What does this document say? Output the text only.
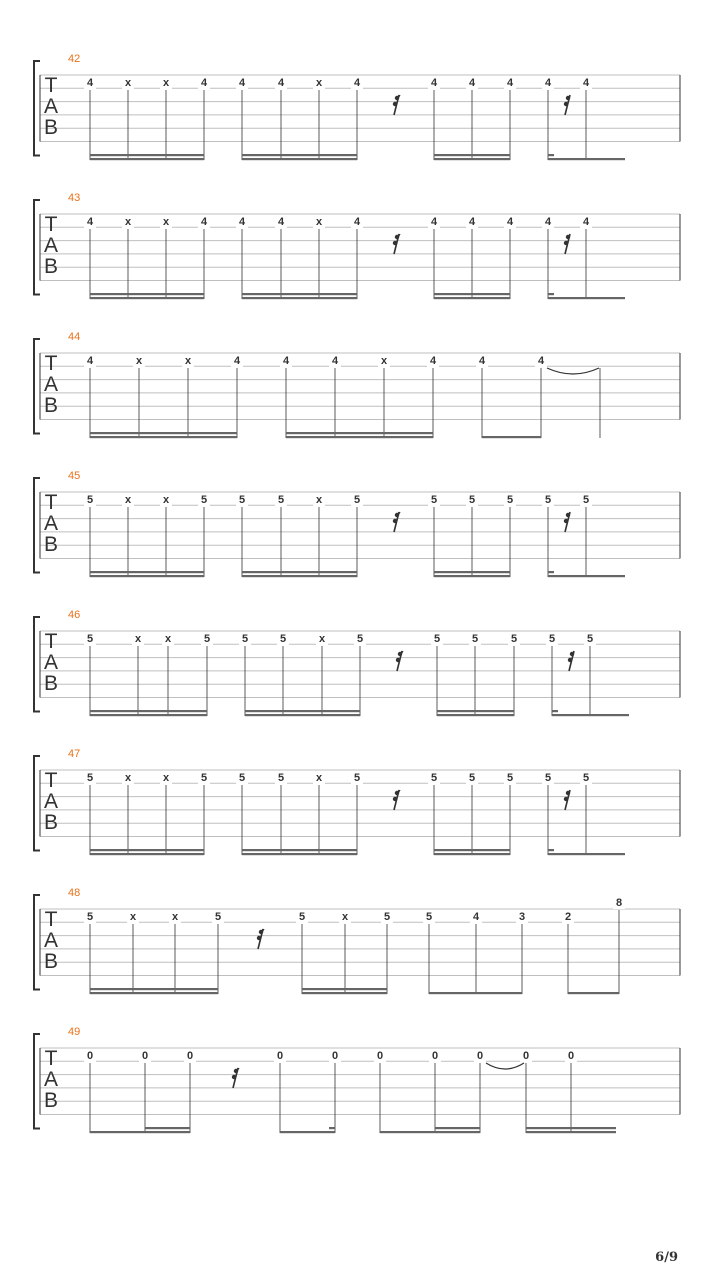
T
A
B
42
4	x	x	4	4	4	x	4	4	4	4	4	4
T
A
B
43
4	x	x	4	4	4	x	4	4	4	4	4	4
T
A
B
44
4	x	x	4	4	4	x	4	4	4
T
A
B
45
5	x	x	5	5	5	x	5	5	5	5	5	5
T
A
B
46
5	x x	5	5	5	x	5	5	5	5	5	5
T
A
B
47
5	x	x	5	5	5	x	5	5	5	5	5	5
T
A
B
48
5	x	x	5	5	x	5	5	4	3	2
8
T
A
B
49
0	0	0	0	0	0	0	0	0	0
6/9
